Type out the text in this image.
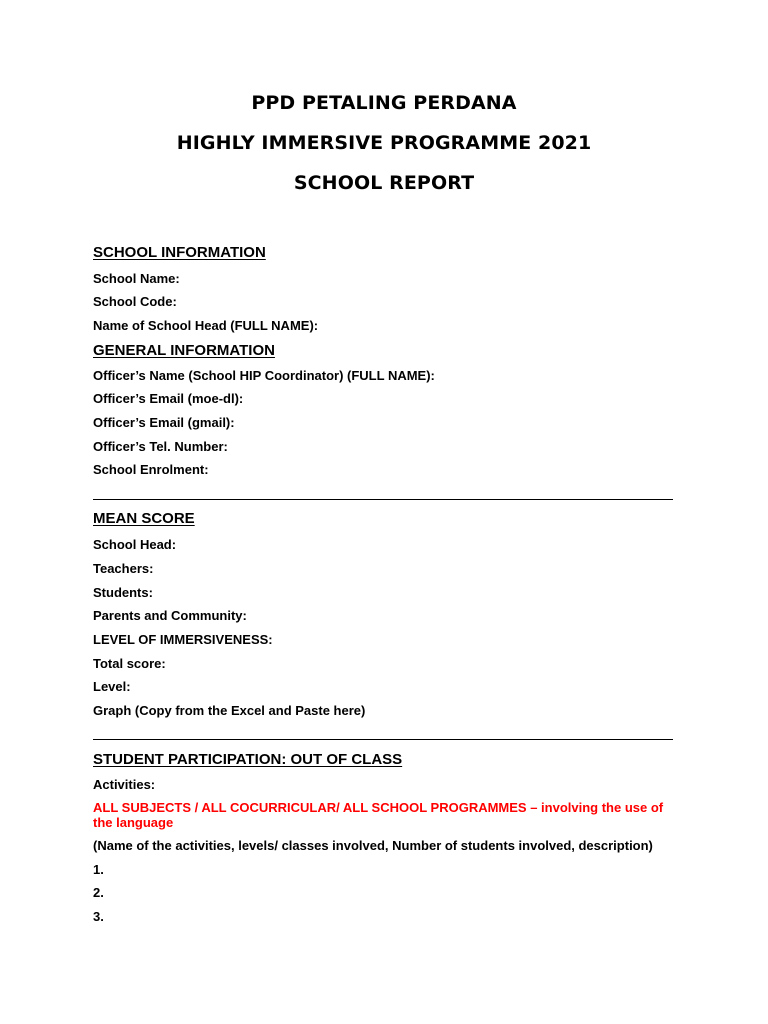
PPD PETALING PERDANA
HIGHLY IMMERSIVE PROGRAMME 2021
SCHOOL REPORT
SCHOOL INFORMATION
School Name:
School Code:
Name of School Head (FULL NAME):
GENERAL INFORMATION
Officer’s Name (School HIP Coordinator) (FULL NAME):
Officer’s Email (moe-dl):
Officer’s Email (gmail):
Officer’s Tel. Number:
School Enrolment:
MEAN SCORE
School Head:
Teachers:
Students:
Parents and Community:
LEVEL OF IMMERSIVENESS:
Total score:
Level:
Graph (Copy from the Excel and Paste here)
STUDENT PARTICIPATION: OUT OF CLASS
Activities:
ALL SUBJECTS / ALL COCURRICULAR/ ALL SCHOOL PROGRAMMES – involving the use of the language
(Name of the activities, levels/ classes involved, Number of students involved, description)
1.
2.
3.
